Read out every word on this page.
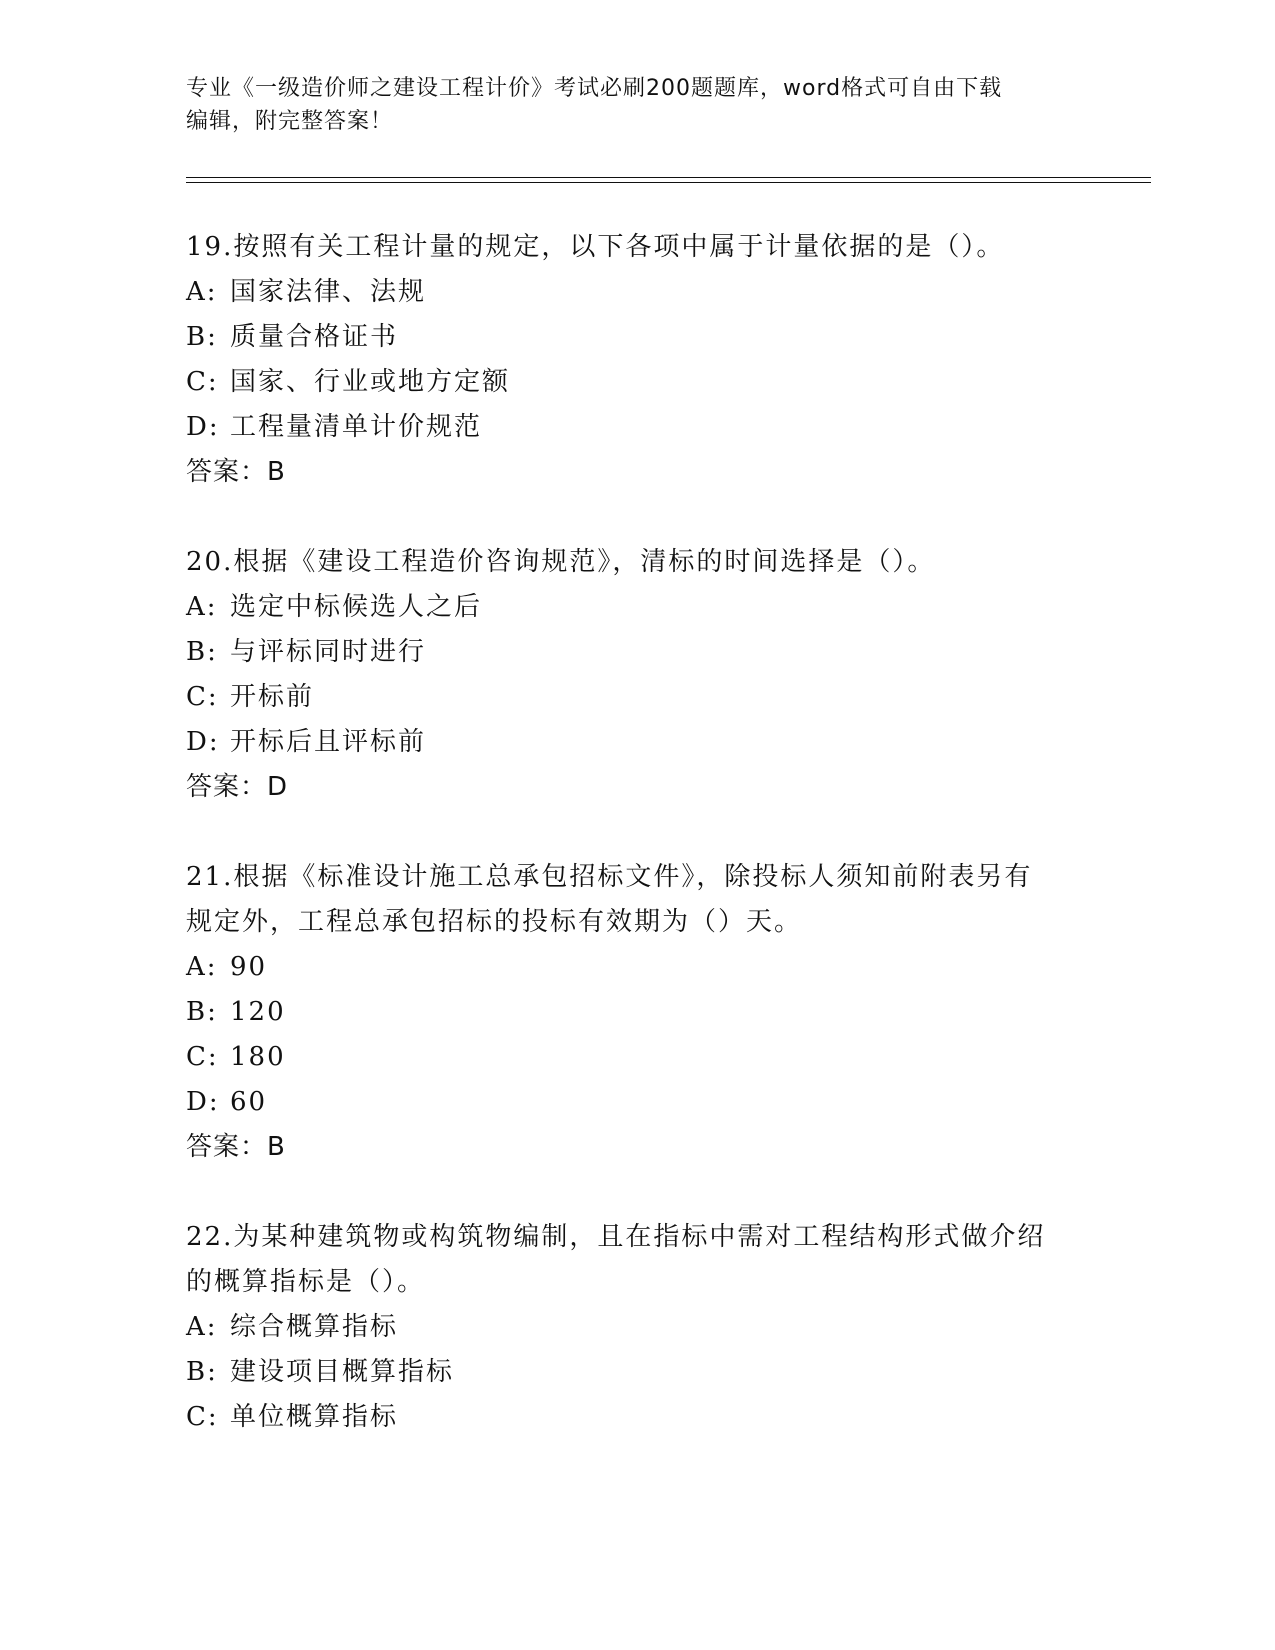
专业《一级造价师之建设工程计价》考试必刷200题题库，word格式可自由下载
编辑，附完整答案！

19.按照有关工程计量的规定，以下各项中属于计量依据的是（）。

A: 国家法律、法规

B: 质量合格证书

C: 国家、行业或地方定额

D: 工程量清单计价规范

答案：B

20.根据《建设工程造价咨询规范》，清标的时间选择是（）。

A: 选定中标候选人之后

B: 与评标同时进行

C: 开标前

D: 开标后且评标前

答案：D

21.根据《标准设计施工总承包招标文件》，除投标人须知前附表另有

规定外，工程总承包招标的投标有效期为（）天。

A: 90

B: 120

C: 180

D: 60

答案：B

22.为某种建筑物或构筑物编制，且在指标中需对工程结构形式做介绍

的概算指标是（）。

A: 综合概算指标

B: 建设项目概算指标

C: 单位概算指标
